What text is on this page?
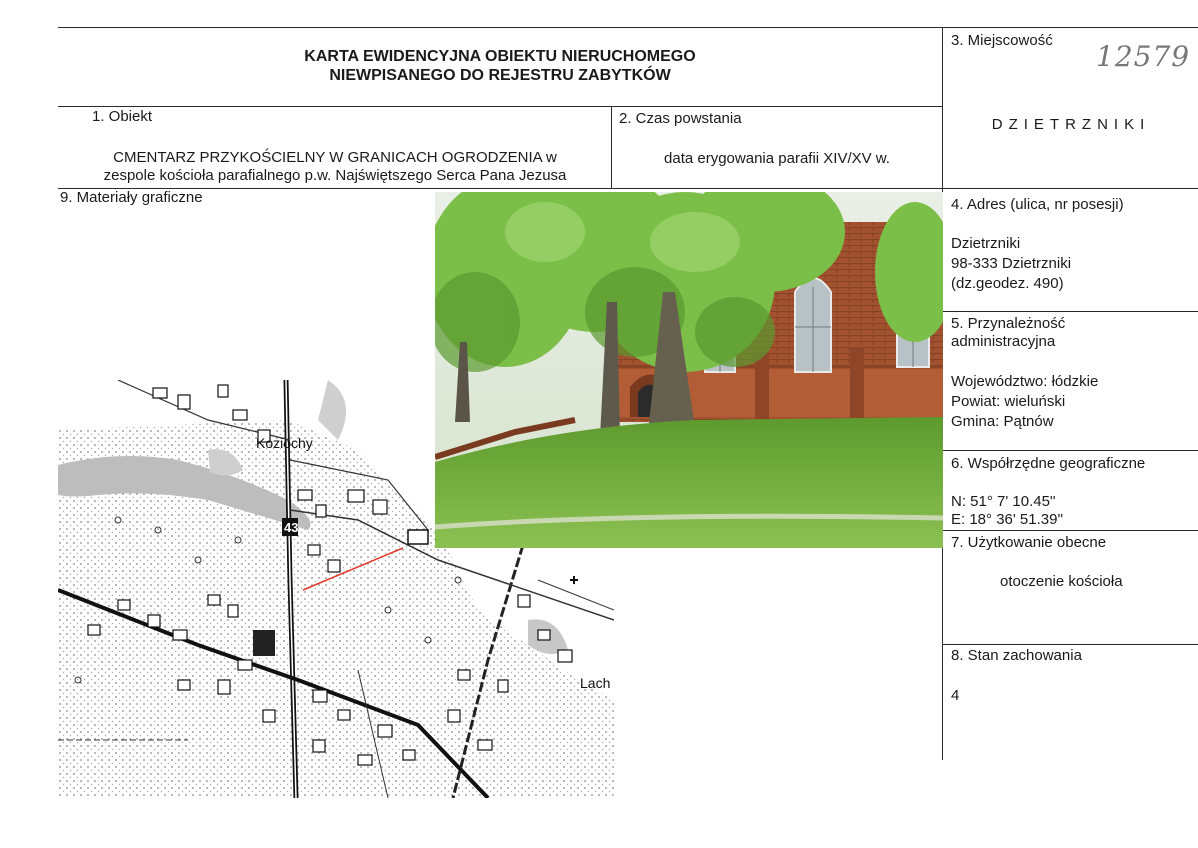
KARTA EWIDENCYJNA OBIEKTU NIERUCHOMEGO
NIEWPISANEGO DO REJESTRU ZABYTKÓW
3. Miejscowość 12579
DZIETRZNIKI
1. Obiekt
CMENTARZ PRZYKOŚCIELNY W GRANICACH OGRODZENIA w
zespole kościoła parafialnego p.w. Najświętszego Serca Pana Jezusa
2. Czas powstania
data erygowania parafii XIV/XV w.
9. Materiały graficzne	4. Adres (ulica, nr posesji)
Dzietrzniki
98-333 Dzietrzniki
(dz.geodez. 490)
5. Przynależność
administracyjna
Województwo: łódzkie
Powiat: wieluński
Gmina: Pątnów
6. Współrzędne geograficzne
N: 51° 7' 10.45''
E: 18° 36' 51.39''
7. Użytkowanie obecne
otoczenie kościoła
8. Stan zachowania
4
43
Koziochy
Lach
